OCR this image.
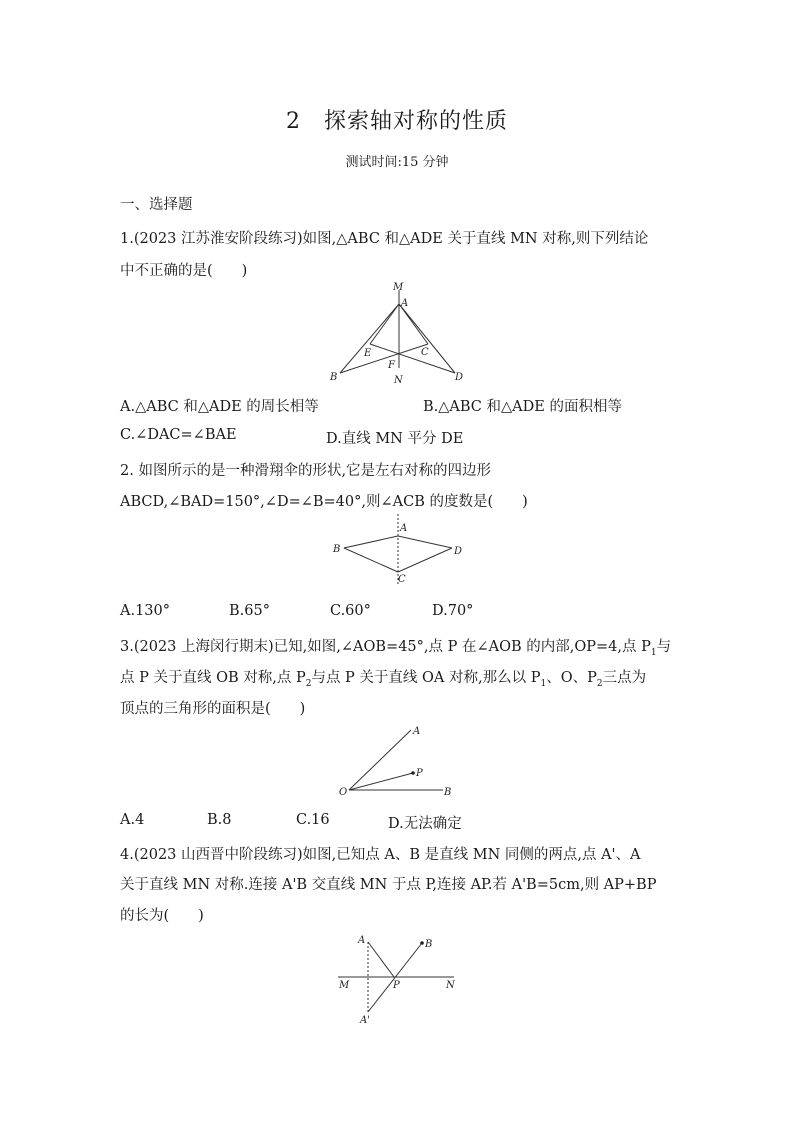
2　探索轴对称的性质
测试时间:15 分钟
一、选择题
1.(2023 江苏淮安阶段练习)如图,△ABC 和△ADE 关于直线 MN 对称,则下列结论
中不正确的是(　　)
M
A
E	C
F
B	N	D
A.△ABC 和△ADE 的周长相等	B.△ABC 和△ADE 的面积相等
C.∠DAC=∠BAE	D.直线 MN 平分 DE
2. 如图所示的是一种滑翔伞的形状,它是左右对称的四边形
ABCD,∠BAD=150°,∠D=∠B=40°,则∠ACB 的度数是(　　)
A
B
C
D
A.130°	B.65°	C.60°	D.70°
3.(2023 上海闵行期末)已知,如图,∠AOB=45°,点 P 在∠AOB 的内部,OP=4,点 $P_1$与
点 P 关于直线 OB 对称,点 $P_2$与点 P 关于直线 OA 对称,那么以 $P_1$、O、$P_2$三点为
顶点的三角形的面积是(　　)
A
P
O	B
A.4	B.8	C.16	D.无法确定
4.(2023 山西晋中阶段练习)如图,已知点 A、B 是直线 MN 同侧的两点,点 A'、A
关于直线 MN 对称.连接 A'B 交直线 MN 于点 P,连接 AP.若 A'B=5cm,则 AP+BP
的长为(　　)
A	B
M	P	N
A'
